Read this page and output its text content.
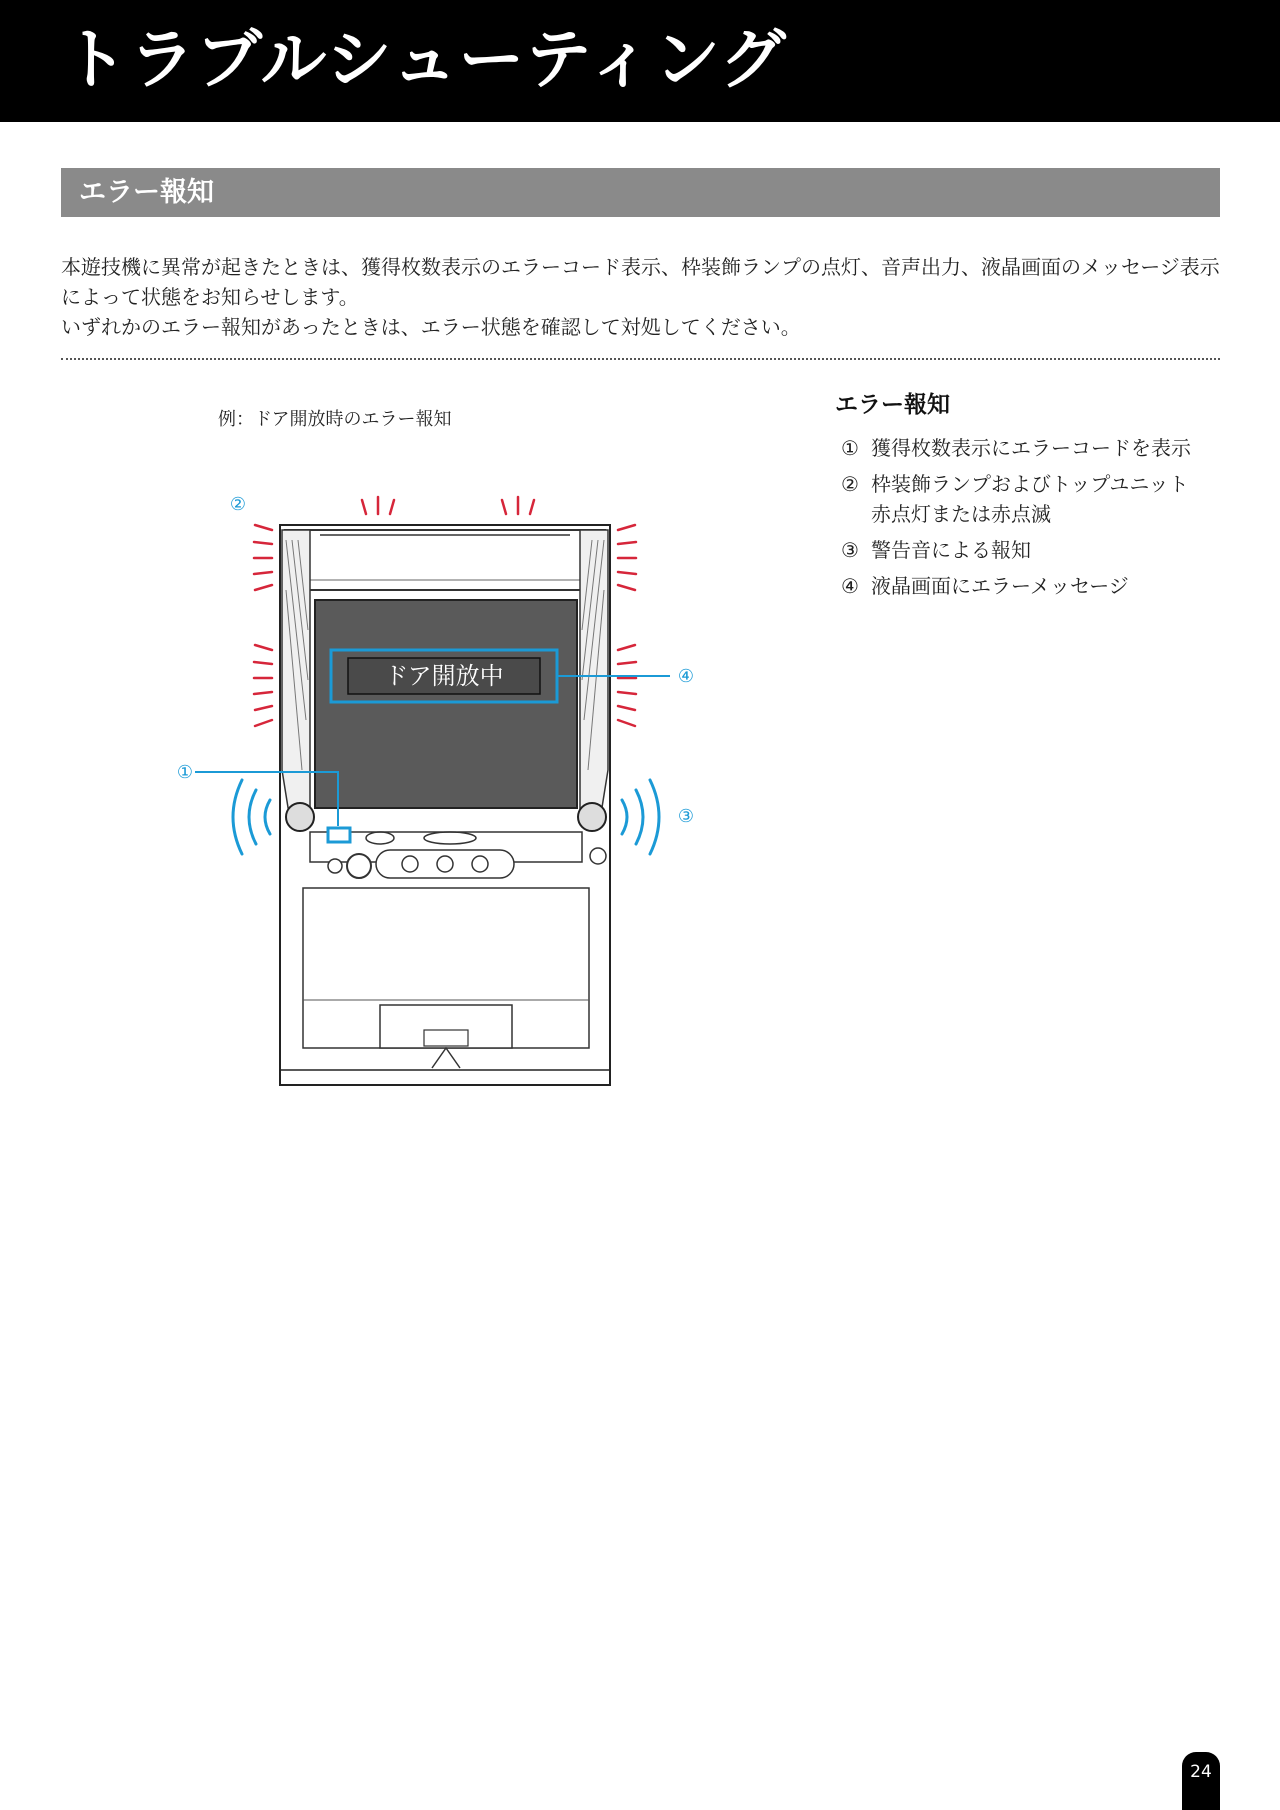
トラブルシューティング
エラー報知

本遊技機に異常が起きたときは、獲得枚数表示のエラーコード表示、枠装飾ランプの点灯、音声出力、液晶画面のメッセージ表示によって状態をお知らせします。

いずれかのエラー報知があったときは、エラー状態を確認して対処してください。

例：ドア開放時のエラー報知
ドア開放中
①
②
③
④
エラー報知
① 獲得枚数表示にエラーコードを表示
② 枠装飾ランプおよびトップユニット
赤点灯または赤点滅
③ 警告音による報知
④ 液晶画面にエラーメッセージ
24
